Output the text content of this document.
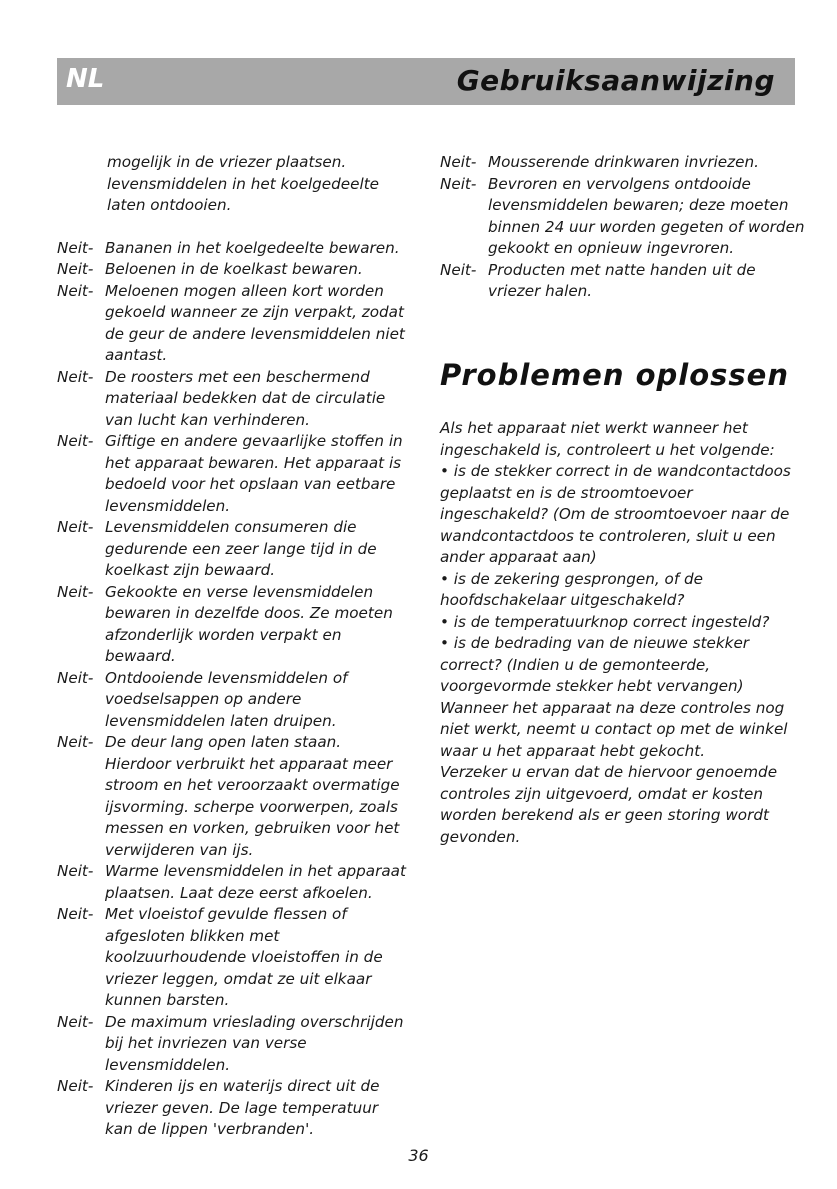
NL	Gebruiksaanwijzing
mogelijk in de vriezer plaatsen. levensmiddelen in het koelgedeelte laten ontdooien.
Neit- Bananen in het koelgedeelte bewaren.
Neit- Beloenen in de koelkast bewaren.
Neit- Meloenen mogen alleen kort worden gekoeld wanneer ze zijn verpakt, zodat de geur de andere levensmiddelen niet aantast.
Neit- De roosters met een beschermend materiaal bedekken dat de circulatie van lucht kan verhinderen.
Neit- Giftige en andere gevaarlijke stoffen in het apparaat bewaren. Het apparaat is bedoeld voor het opslaan van eetbare levensmiddelen.
Neit- Levensmiddelen consumeren die gedurende een zeer lange tijd in de koelkast zijn bewaard.
Neit- Gekookte en verse levensmiddelen bewaren in dezelfde doos. Ze moeten afzonderlijk worden verpakt en bewaard.
Neit- Ontdooiende levensmiddelen of voedselsappen op andere levensmiddelen laten druipen.
Neit- De deur lang open laten staan. Hierdoor verbruikt het apparaat meer stroom en het veroorzaakt overmatige ijsvorming. scherpe voorwerpen, zoals messen en vorken, gebruiken voor het verwijderen van ijs.
Neit- Warme levensmiddelen in het apparaat plaatsen. Laat deze eerst afkoelen.
Neit- Met vloeistof gevulde flessen of afgesloten blikken met koolzuurhoudende vloeistoffen in de vriezer leggen, omdat ze uit elkaar kunnen barsten.
Neit- De maximum vrieslading overschrijden bij het invriezen van verse levensmiddelen.
Neit- Kinderen ijs en waterijs direct uit de vriezer geven. De lage temperatuur kan de lippen 'verbranden'.
Neit- Mousserende drinkwaren invriezen.
Neit- Bevroren en vervolgens ontdooide levensmiddelen bewaren; deze moeten binnen 24 uur worden gegeten of worden gekookt en opnieuw ingevroren.
Neit- Producten met natte handen uit de vriezer halen.
Problemen oplossen
Als het apparaat niet werkt wanneer het ingeschakeld is, controleert u het volgende:
• is de stekker correct in de wandcontactdoos geplaatst en is de stroomtoevoer ingeschakeld? (Om de stroomtoevoer naar de wandcontactdoos te controleren, sluit u een ander apparaat aan)
• is de zekering gesprongen, of de hoofdschakelaar uitgeschakeld?
• is de temperatuurknop correct ingesteld?
• is de bedrading van de nieuwe stekker correct? (Indien u de gemonteerde, voorgevormde stekker hebt vervangen)
Wanneer het apparaat na deze controles nog niet werkt, neemt u contact op met de winkel waar u het apparaat hebt gekocht.
Verzeker u ervan dat de hiervoor genoemde controles zijn uitgevoerd, omdat er kosten worden berekend als er geen storing wordt gevonden.
36
